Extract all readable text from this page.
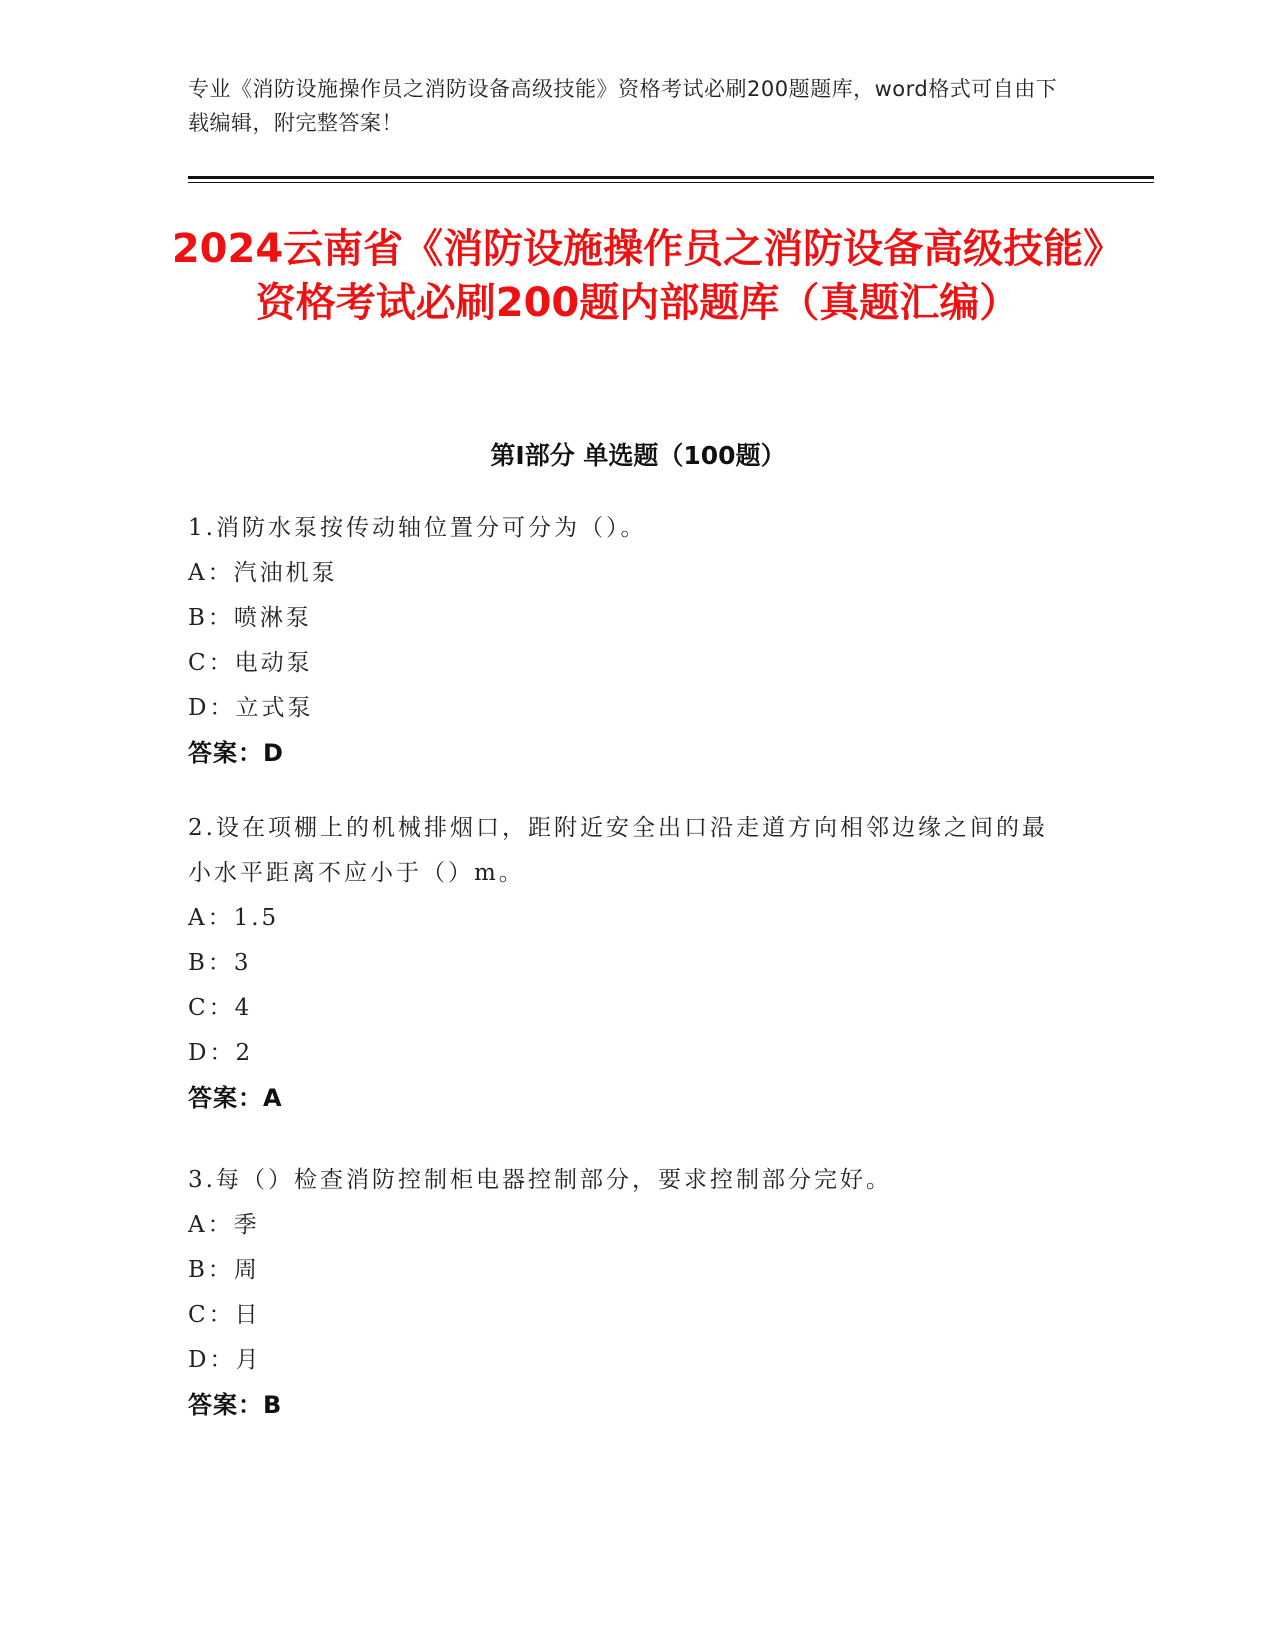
专业《消防设施操作员之消防设备高级技能》资格考试必刷200题题库，word格式可自由下载编辑，附完整答案！
2024云南省《消防设施操作员之消防设备高级技能》资格考试必刷200题内部题库（真题汇编）
第I部分 单选题（100题）
1.消防水泵按传动轴位置分可分为（）。
A：汽油机泵
B：喷淋泵
C：电动泵
D：立式泵
答案：D
2.设在项棚上的机械排烟口，距附近安全出口沿走道方向相邻边缘之间的最小水平距离不应小于（）m。
A：1.5
B：3
C：4
D：2
答案：A
3.每（）检查消防控制柜电器控制部分，要求控制部分完好。
A：季
B：周
C：日
D：月
答案：B
